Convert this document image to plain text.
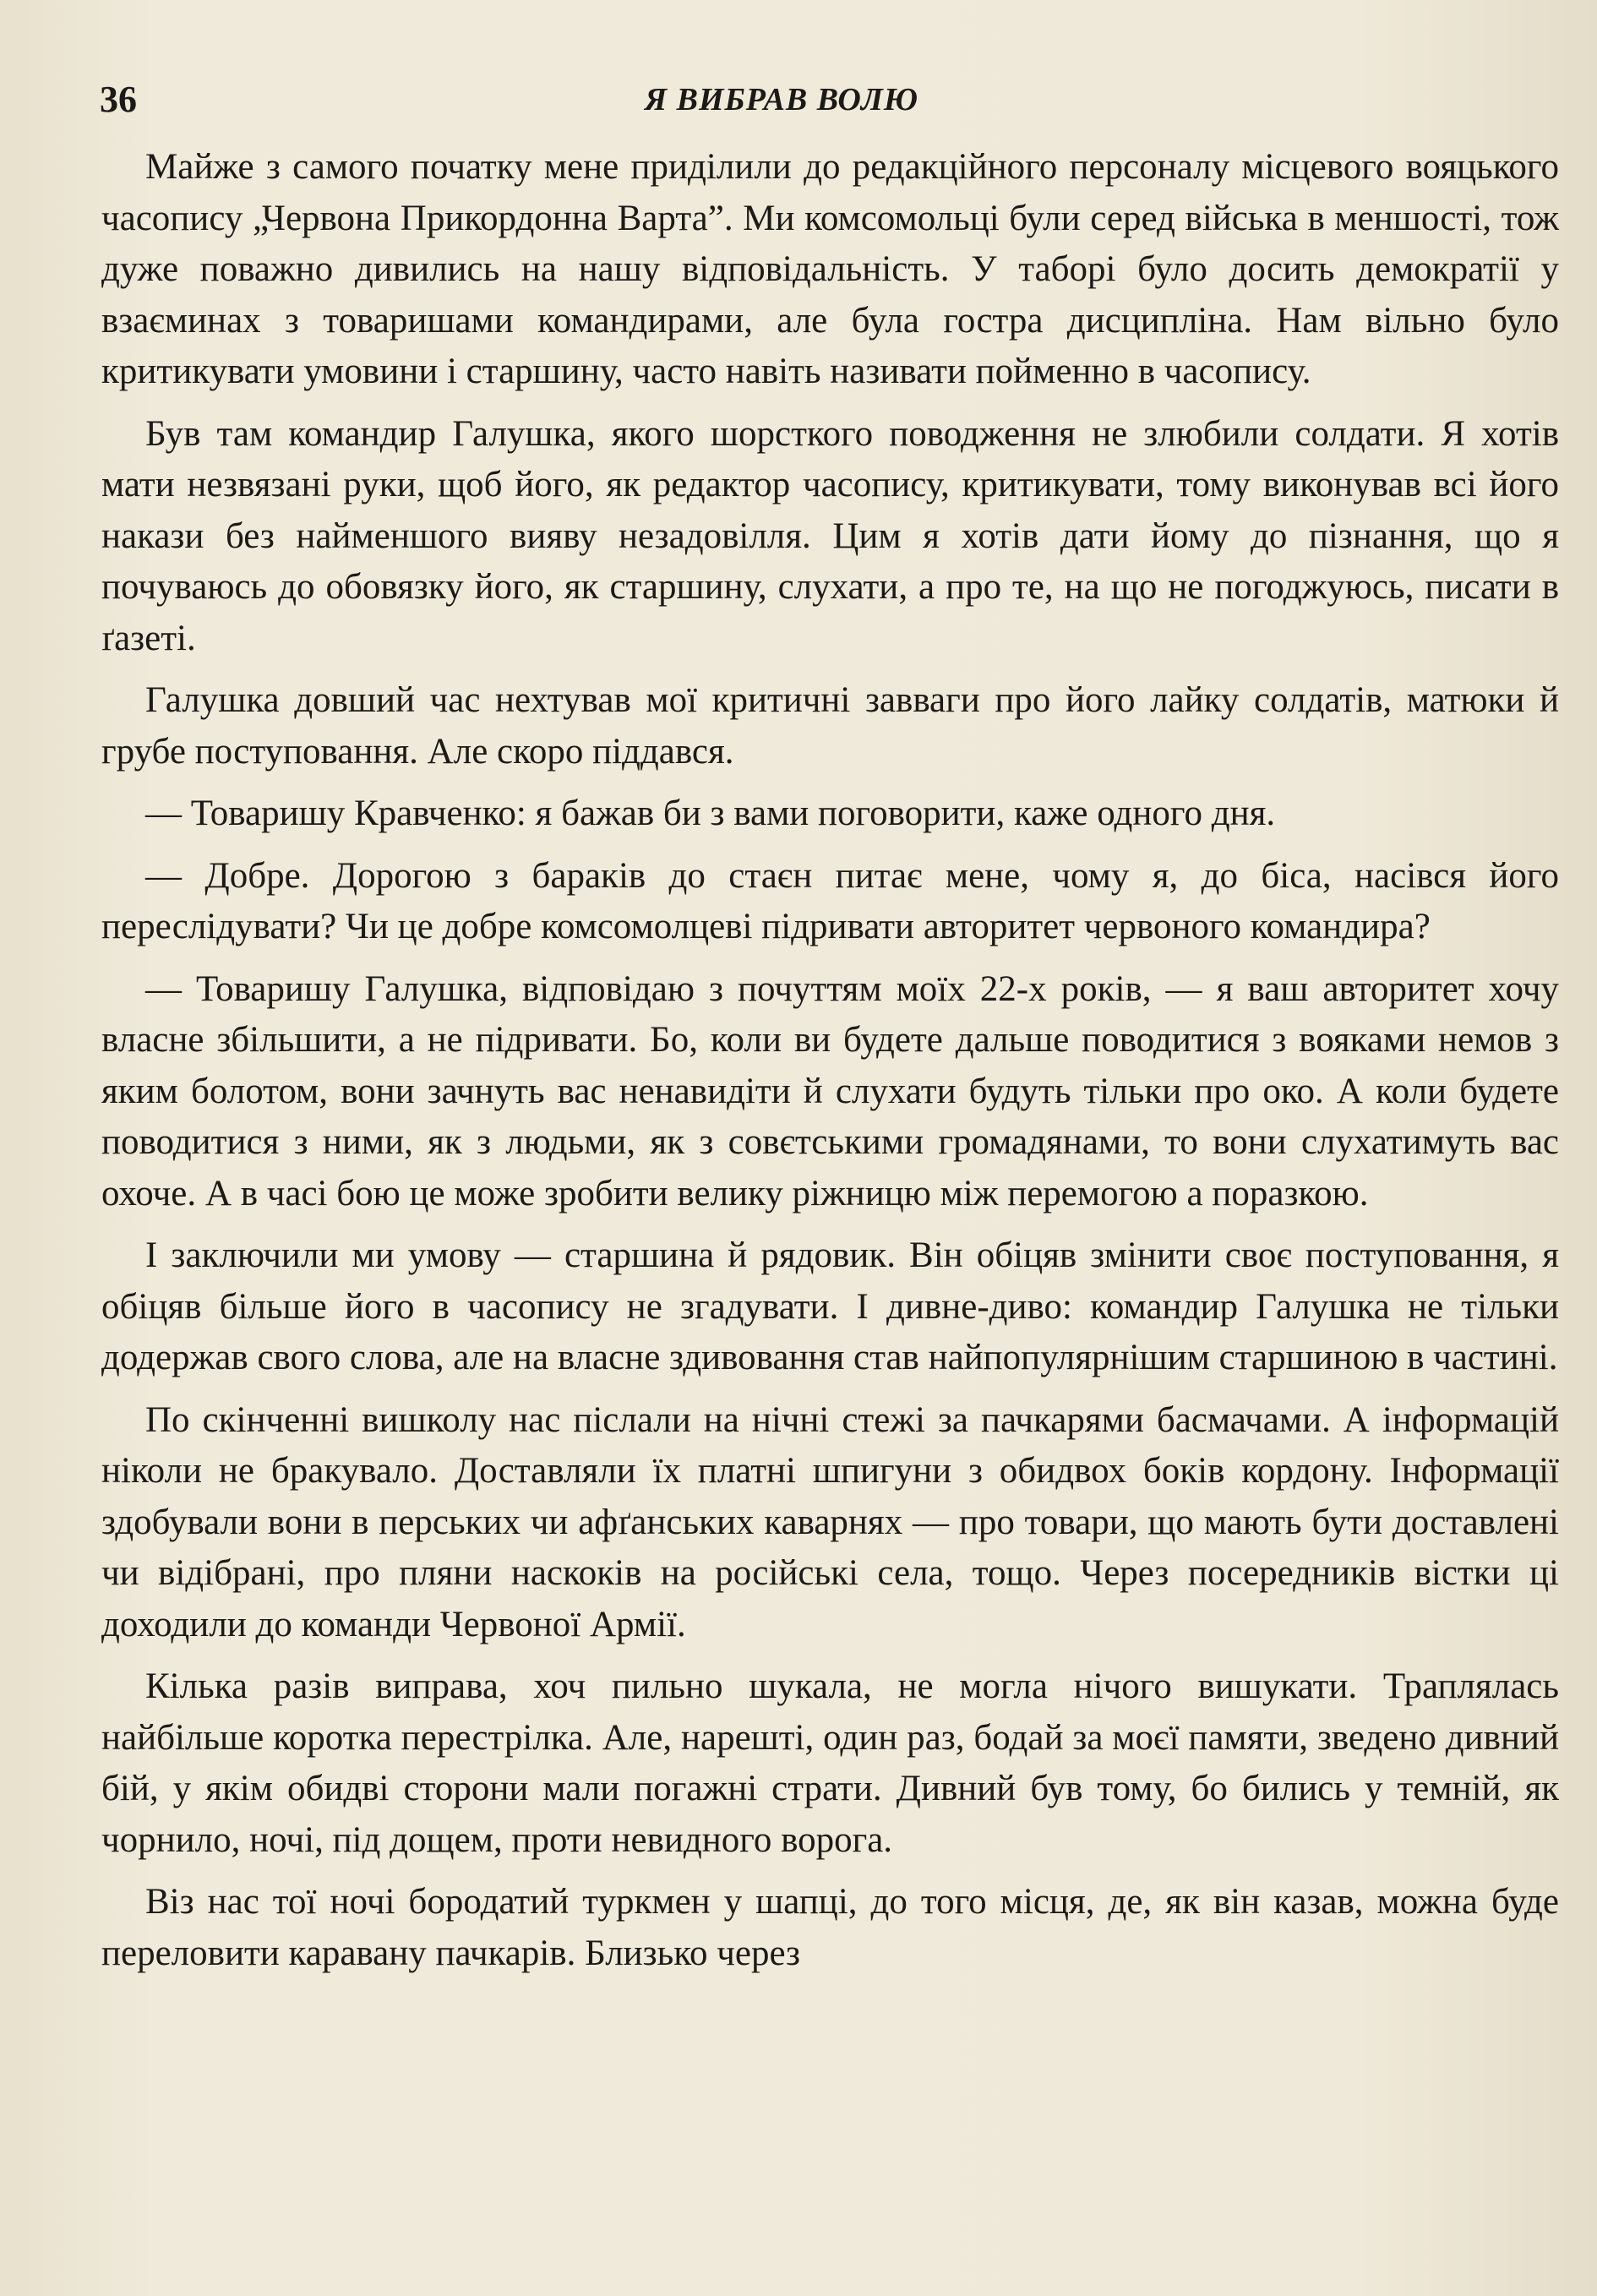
36	Я ВИБРАВ ВОЛЮ

Майже з самого початку мене приділили до редакційного персоналу місцевого вояцького часопису „Червона Прикордонна Варта”. Ми комсомольці були серед війська в меншості, тож дуже поважно дивились на нашу відповідальність. У таборі було досить демократії у взаєминах з товаришами командирами, але була гостра дисципліна. Нам вільно було критикувати умовини і старшину, часто навіть називати пойменно в часопису.

Був там командир Галушка, якого шорсткого поводження не злюбили солдати. Я хотів мати незвязані руки, щоб його, як редактор часопису, критикувати, тому виконував всі його накази без найменшого вияву незадовілля. Цим я хотів дати йому до пізнання, що я почуваюсь до обовязку його, як старшину, слухати, а про те, на що не погоджуюсь, писати в ґазеті.

Галушка довший час нехтував мої критичні завваги про його лайку солдатів, матюки й грубе поступовання. Але скоро піддався.

— Товаришу Кравченко: я бажав би з вами поговорити, каже одного дня.

— Добре. Дорогою з бараків до стаєн питає мене, чому я, до біса, насівся його переслідувати? Чи це добре комсомолцеві підривати авторитет червоного командира?

— Товаришу Галушка, відповідаю з почуттям моїх 22-х років, — я ваш авторитет хочу власне збільшити, а не підривати. Бо, коли ви будете дальше поводитися з вояками немов з яким болотом, вони зачнуть вас ненавидіти й слухати будуть тільки про око. А коли будете поводитися з ними, як з людьми, як з совєтськими громадянами, то вони слухатимуть вас охоче. А в часі бою це може зробити велику ріжницю між перемогою а поразкою.

І заключили ми умову — старшина й рядовик. Він обіцяв змінити своє поступовання, я обіцяв більше його в часопису не згадувати. І дивне-диво: командир Галушка не тільки додержав свого слова, але на власне здивовання став найпопулярнішим старшиною в частині.

По скінченні вишколу нас післали на нічні стежі за пачкарями басмачами. А інформацій ніколи не бракувало. Доставляли їх платні шпигуни з обидвох боків кордону. Інформації здобували вони в перських чи афґанських каварнях — про товари, що мають бути доставлені чи відібрані, про пляни наскоків на російські села, тощо. Через посередників вістки ці доходили до команди Червоної Армії.

Кілька разів виправа, хоч пильно шукала, не могла нічого вишукати. Траплялась найбільше коротка перестрілка. Але, нарешті, один раз, бодай за моєї памяти, зведено дивний бій, у якім обидві сторони мали погажні страти. Дивний був тому, бо бились у темній, як чорнило, ночі, під дощем, проти невидного ворога.

Віз нас тої ночі бородатий туркмен у шапці, до того місця, де, як він казав, можна буде переловити каравану пачкарів. Близько через
